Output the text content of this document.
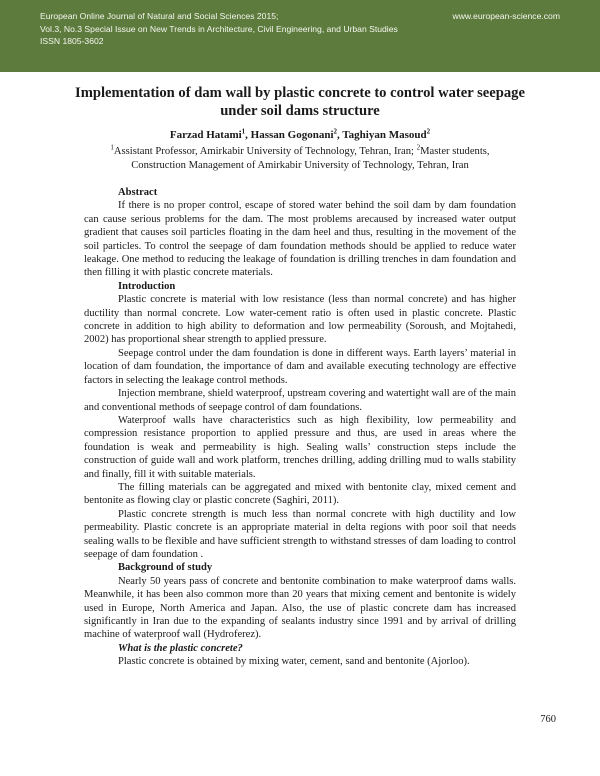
European Online Journal of Natural and Social Sciences 2015;
Vol.3, No.3 Special Issue on New Trends in Architecture, Civil Engineering, and Urban Studies
ISSN 1805-3602
www.european-science.com
Implementation of dam wall by plastic concrete to control water seepage under soil dams structure
Farzad Hatami$^1$, Hassan Gogonani$^2$, Taghiyan Masoud$^2$
$^1$Assistant Professor, Amirkabir University of Technology, Tehran, Iran; $^2$Master students,
Construction Management of Amirkabir University of Technology, Tehran, Iran
Abstract

If there is no proper control, escape of stored water behind the soil dam by dam foundation can cause serious problems for the dam. The most problems arecaused by increased water output gradient that causes soil particles floating in the dam heel and thus, resulting in the movement of the soil particles. To control the seepage of dam foundation methods should be applied to reduce water leakage. One method to reducing the leakage of foundation is drilling trenches in dam foundation and then filling it with plastic concrete materials.

Introduction

Plastic concrete is material with low resistance (less than normal concrete) and has higher ductility than normal concrete. Low water-cement ratio is often used in plastic concrete. Plastic concrete in addition to high ability to deformation and low permeability (Soroush, and Mojtahedi, 2002) has proportional shear strength to applied pressure.

Seepage control under the dam foundation is done in different ways. Earth layers’ material in location of dam foundation, the importance of dam and available executing technology are effective factors in selecting the leakage control methods.

Injection membrane, shield waterproof, upstream covering and watertight wall are of the main and conventional methods of seepage control of dam foundations.

Waterproof walls have characteristics such as high flexibility, low permeability and compression resistance proportion to applied pressure and thus, are used in areas where the foundation is weak and permeability is high. Sealing walls’ construction steps include the construction of guide wall and work platform, trenches drilling, adding drilling mud to walls stability and finally, fill it with suitable materials.

The filling materials can be aggregated and mixed with bentonite clay, mixed cement and bentonite as flowing clay or plastic concrete (Saghiri, 2011).

Plastic concrete strength is much less than normal concrete with high ductility and low permeability. Plastic concrete is an appropriate material in delta regions with poor soil that needs sealing walls to be flexible and have sufficient strength to withstand stresses of dam loading to control seepage of dam foundation .

Background of study

Nearly 50 years pass of concrete and bentonite combination to make waterproof dams walls. Meanwhile, it has been also common more than 20 years that mixing cement and bentonite is widely used in Europe, North America and Japan. Also, the use of plastic concrete dam has increased significantly in Iran due to the expanding of sealants industry since 1991 and by arrival of drilling machine of waterproof wall (Hydroferez).

What is the plastic concrete?

Plastic concrete is obtained by mixing water, cement, sand and bentonite (Ajorloo).

760
